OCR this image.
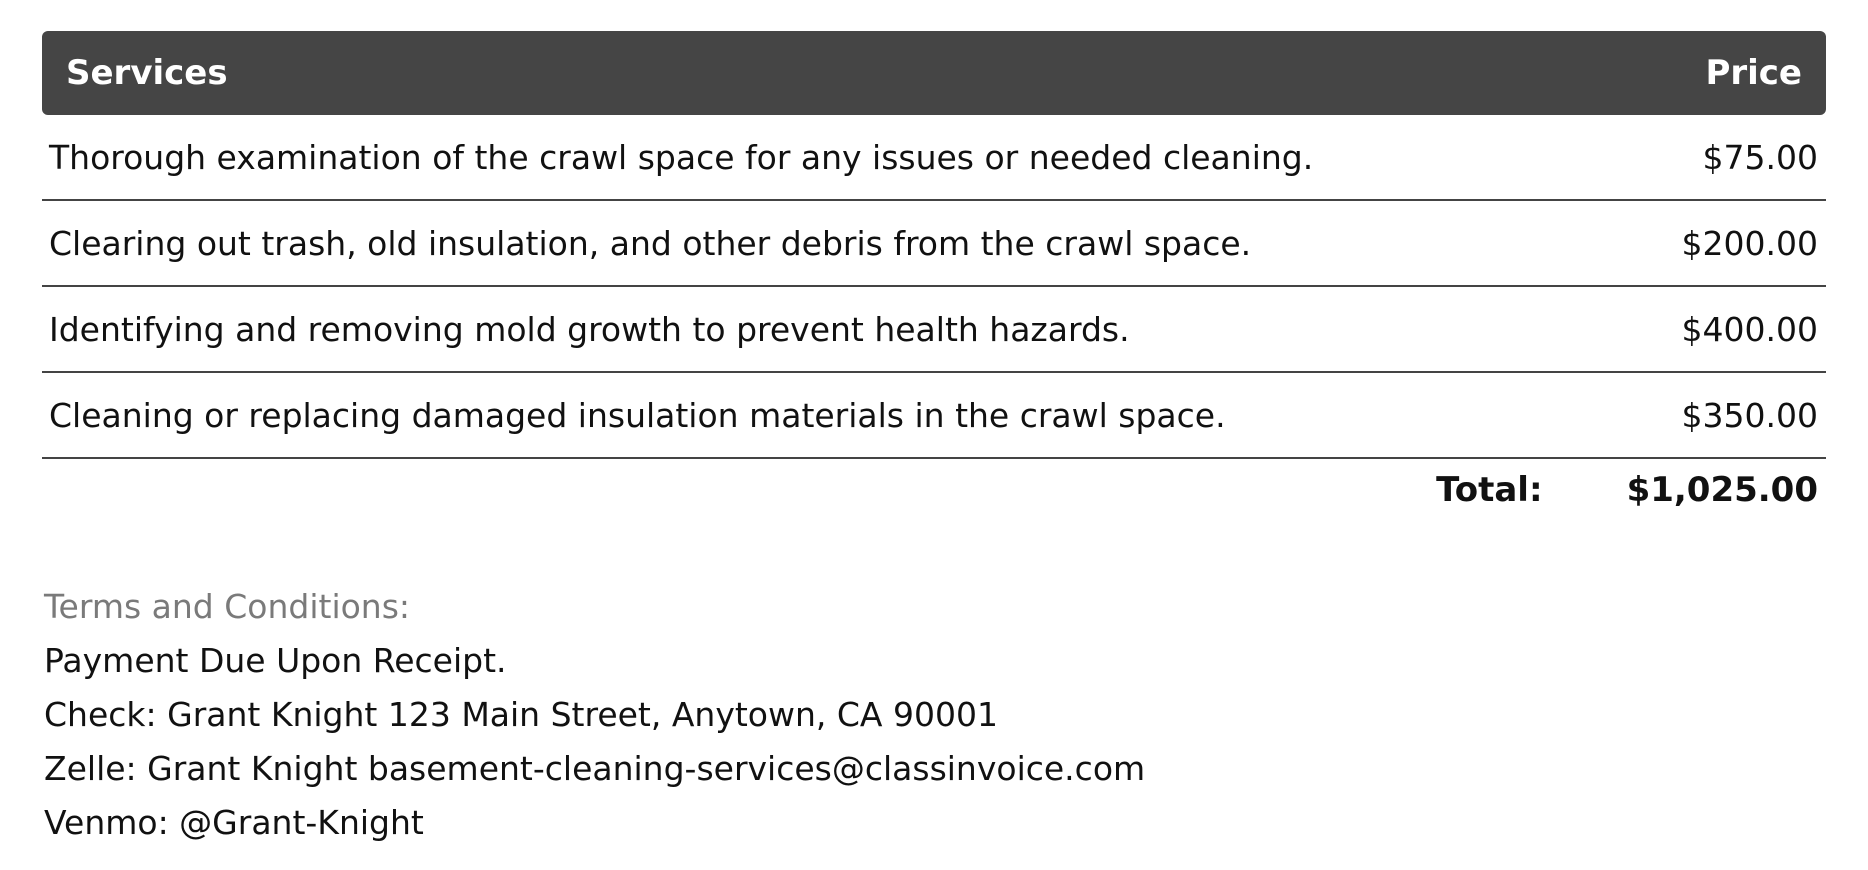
Services	Price
Thorough examination of the crawl space for any issues or needed cleaning.	$75.00
Clearing out trash, old insulation, and other debris from the crawl space.	$200.00
Identifying and removing mold growth to prevent health hazards.	$400.00
Cleaning or replacing damaged insulation materials in the crawl space.	$350.00
Total: $1,025.00
Terms and Conditions:
Payment Due Upon Receipt.
Check: Grant Knight 123 Main Street, Anytown, CA 90001
Zelle: Grant Knight basement-cleaning-services@classinvoice.com
Venmo: @Grant-Knight
